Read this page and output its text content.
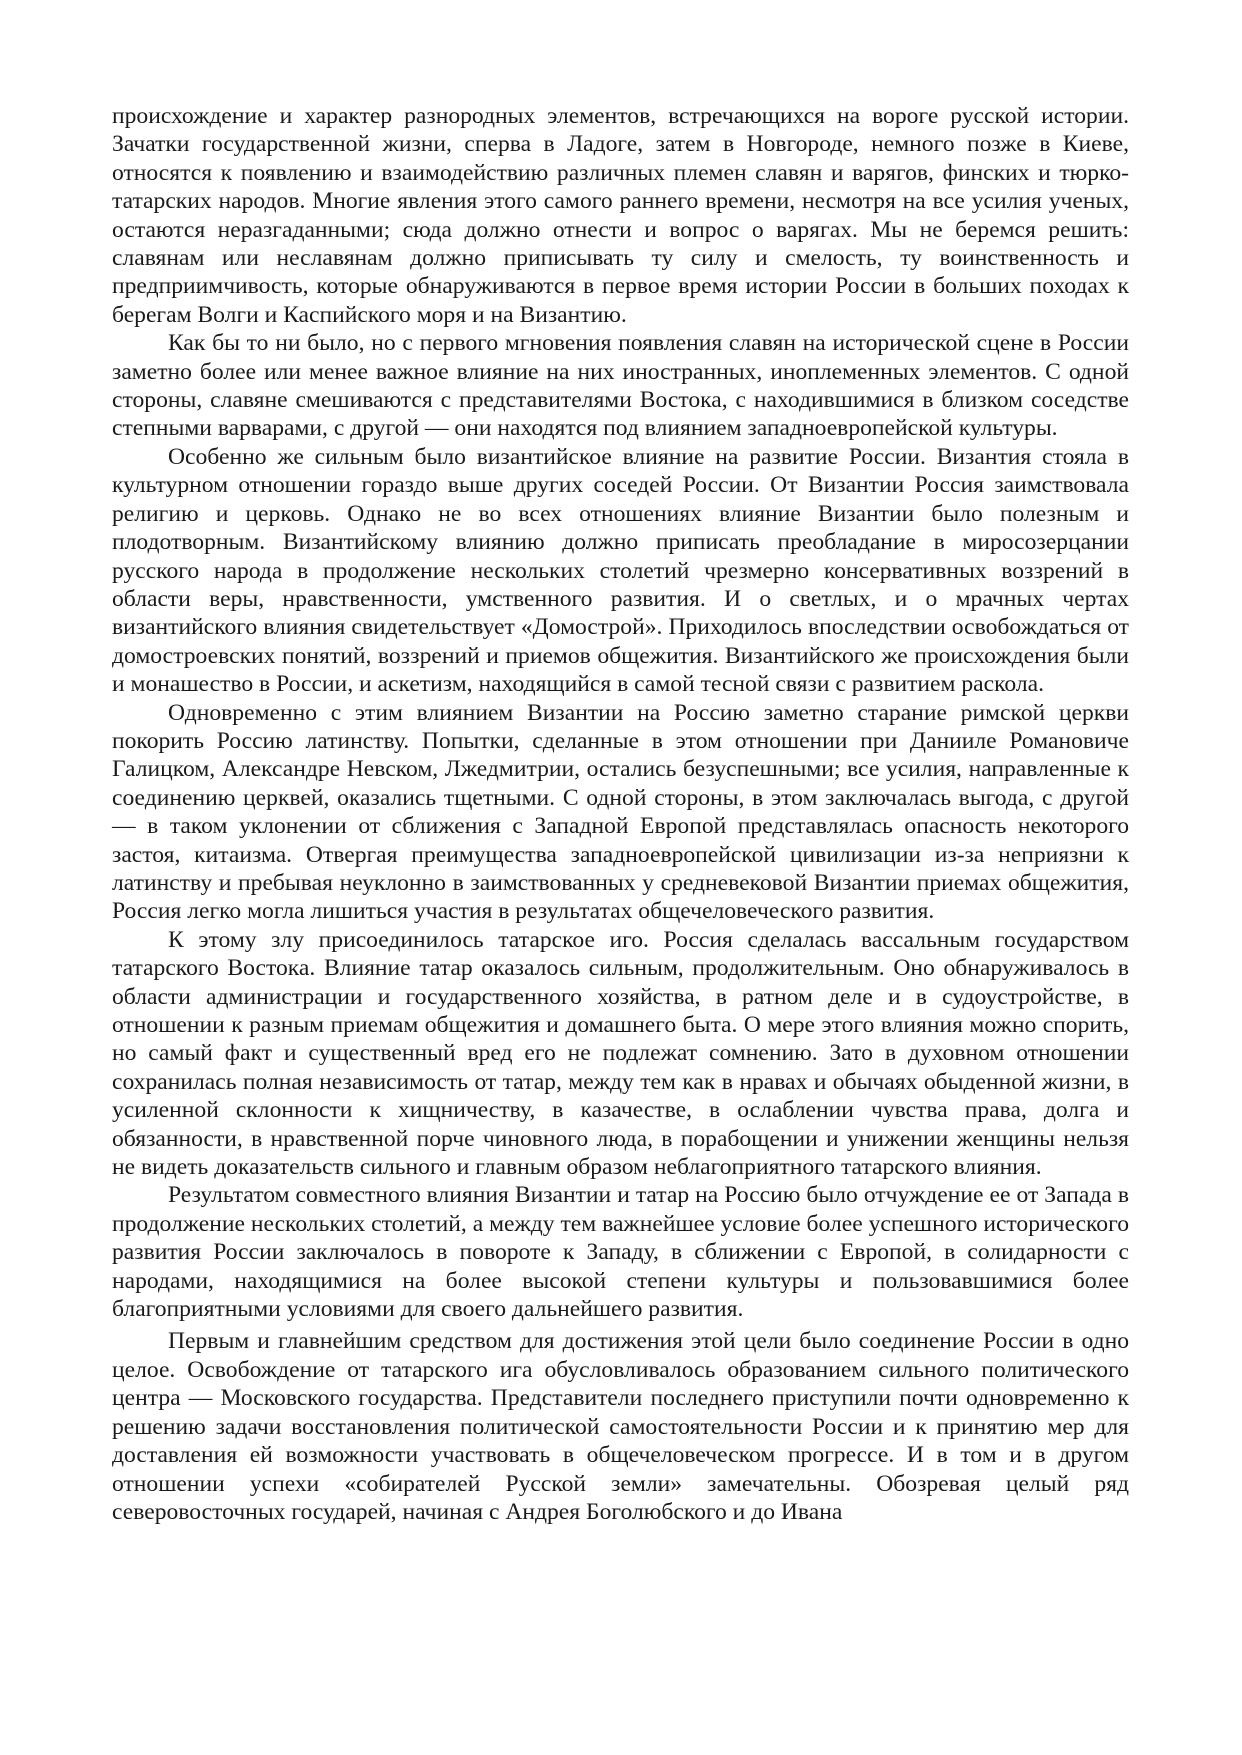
происхождение и характер разнородных элементов, встречающихся на вороге русской истории. Зачатки государственной жизни, сперва в Ладоге, затем в Новгороде, немного позже в Киеве, относятся к появлению и взаимодействию различных племен славян и варягов, финских и тюрко-татарских народов. Многие явления этого самого раннего времени, несмотря на все усилия ученых, остаются неразгаданными; сюда должно отнести и вопрос о варягах. Мы не беремся решить: славянам или неславянам должно приписывать ту силу и смелость, ту воинственность и предприимчивость, которые обнаруживаются в первое время истории России в больших походах к берегам Волги и Каспийского моря и на Византию.

Как бы то ни было, но с первого мгновения появления славян на исторической сцене в России заметно более или менее важное влияние на них иностранных, иноплеменных элементов. С одной стороны, славяне смешиваются с представителями Востока, с находившимися в близком соседстве степными варварами, с другой — они находятся под влиянием западноевропейской культуры.

Особенно же сильным было византийское влияние на развитие России. Византия стояла в культурном отношении гораздо выше других соседей России. От Византии Россия заимствовала религию и церковь. Однако не во всех отношениях влияние Византии было полезным и плодотворным. Византийскому влиянию должно приписать преобладание в миросозерцании русского народа в продолжение нескольких столетий чрезмерно консервативных воззрений в области веры, нравственности, умственного развития. И о светлых, и о мрачных чертах византийского влияния свидетельствует «Домострой». Приходилось впоследствии освобождаться от домостроевских понятий, воззрений и приемов общежития. Византийского же происхождения были и монашество в России, и аскетизм, находящийся в самой тесной связи с развитием раскола.

Одновременно с этим влиянием Византии на Россию заметно старание римской церкви покорить Россию латинству. Попытки, сделанные в этом отношении при Данииле Романовиче Галицком, Александре Невском, Лжедмитрии, остались безуспешными; все усилия, направленные к соединению церквей, оказались тщетными. С одной стороны, в этом заключалась выгода, с другой — в таком уклонении от сближения с Западной Европой представлялась опасность некоторого застоя, китаизма. Отвергая преимущества западноевропейской цивилизации из-за неприязни к латинству и пребывая неуклонно в заимствованных у средневековой Византии приемах общежития, Россия легко могла лишиться участия в результатах общечеловеческого развития.

К этому злу присоединилось татарское иго. Россия сделалась вассальным государством татарского Востока. Влияние татар оказалось сильным, продолжительным. Оно обнаруживалось в области администрации и государственного хозяйства, в ратном деле и в судоустройстве, в отношении к разным приемам общежития и домашнего быта. О мере этого влияния можно спорить, но самый факт и существенный вред его не подлежат сомнению. Зато в духовном отношении сохранилась полная независимость от татар, между тем как в нравах и обычаях обыденной жизни, в усиленной склонности к хищничеству, в казачестве, в ослаблении чувства права, долга и обязанности, в нравственной порче чиновного люда, в порабощении и унижении женщины нельзя не видеть доказательств сильного и главным образом неблагоприятного татарского влияния.

Результатом совместного влияния Византии и татар на Россию было отчуждение ее от Запада в продолжение нескольких столетий, а между тем важнейшее условие более успешного исторического развития России заключалось в повороте к Западу, в сближении с Европой, в солидарности с народами, находящимися на более высокой степени культуры и пользовавшимися более благоприятными условиями для своего дальнейшего развития.

Первым и главнейшим средством для достижения этой цели было соединение России в одно целое. Освобождение от татарского ига обусловливалось образованием сильного политического центра — Московского государства. Представители последнего приступили почти одновременно к решению задачи восстановления политической самостоятельности России и к принятию мер для доставления ей возможности участвовать в общечеловеческом прогрессе. И в том и в другом отношении успехи «собирателей Русской земли» замечательны. Обозревая целый ряд северовосточных государей, начиная с Андрея Боголюбского и до Ивана
